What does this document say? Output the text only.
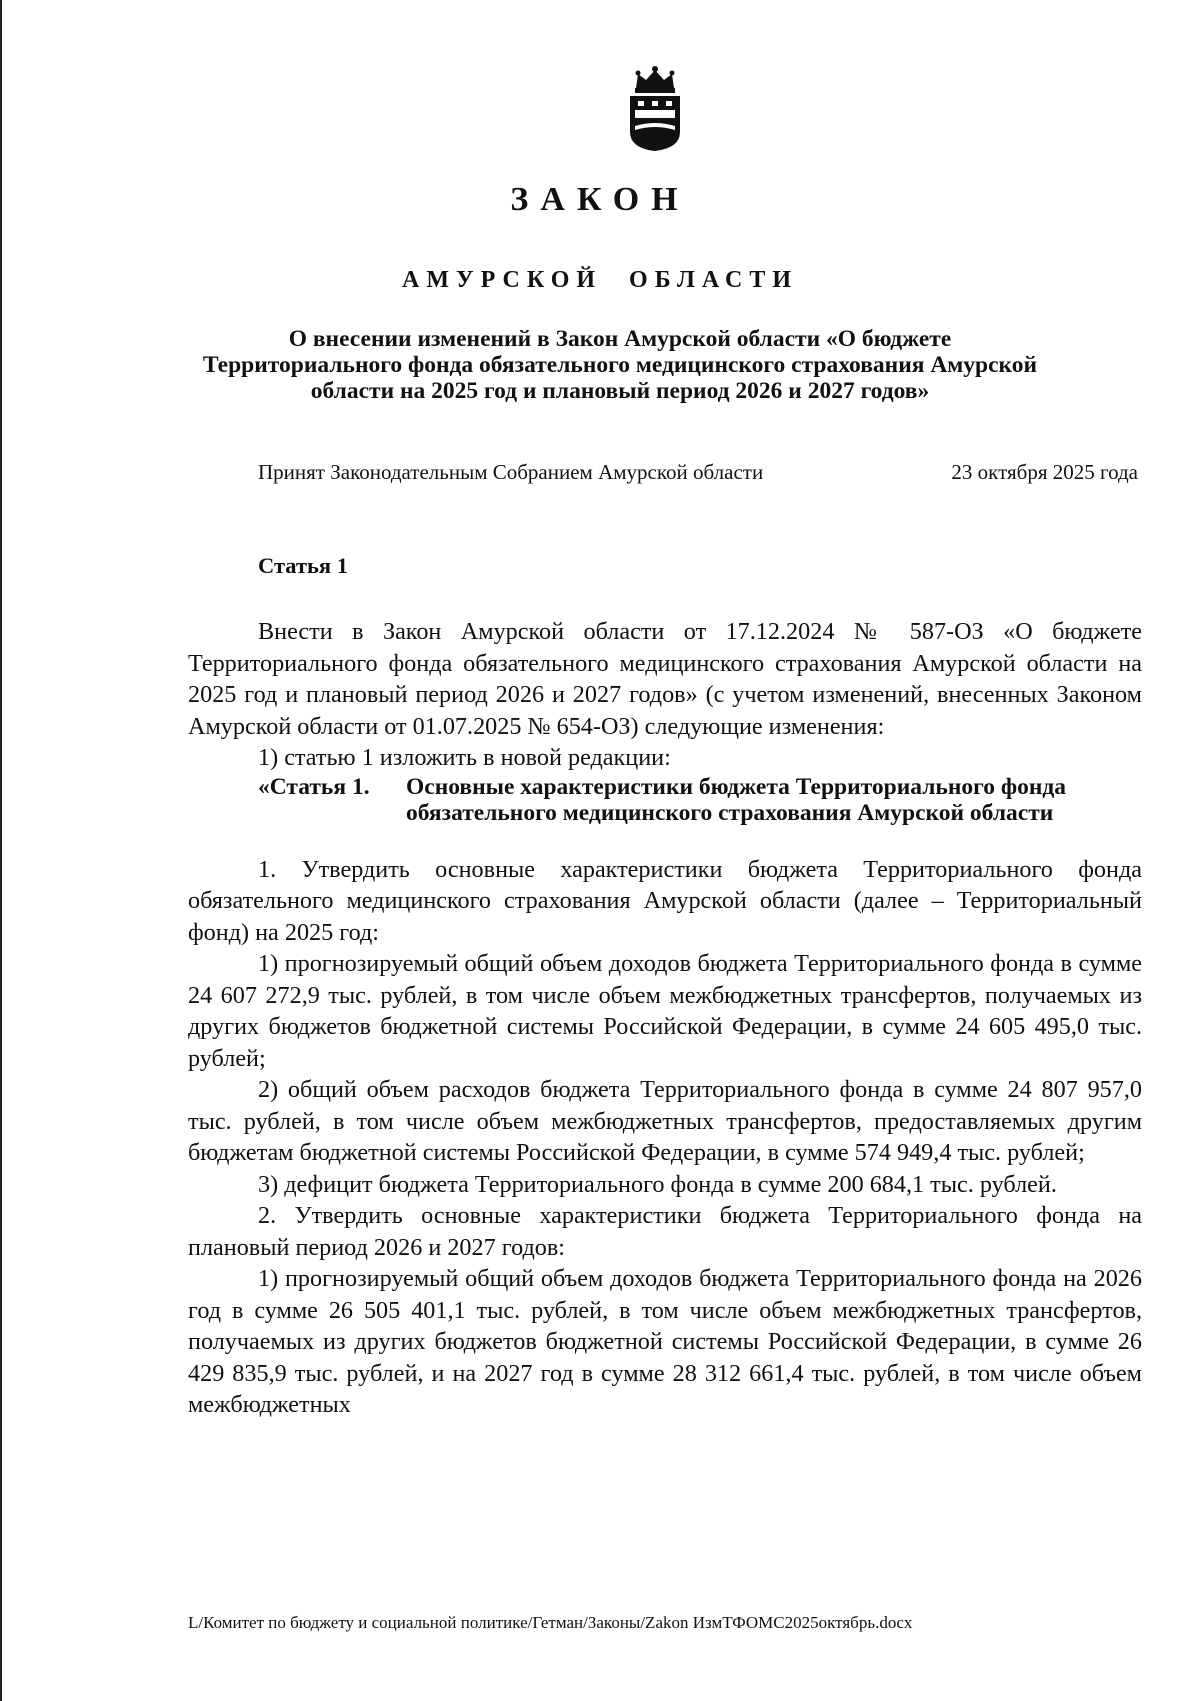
ЗАКОН
АМУРСКОЙ ОБЛАСТИ
О внесении изменений в Закон Амурской области «О бюджете Территориального фонда обязательного медицинского страхования Амурской области на 2025 год и плановый период 2026 и 2027 годов»
Принят Законодательным Собранием Амурской области	23 октября 2025 года
Статья 1

Внести в Закон Амурской области от 17.12.2024 № 587-ОЗ «О бюджете Территориального фонда обязательного медицинского страхования Амурской области на 2025 год и плановый период 2026 и 2027 годов» (с учетом изменений, внесенных Законом Амурской области от 01.07.2025 № 654-ОЗ) следующие изменения:

1) статью 1 изложить в новой редакции:

«Статья 1.	Основные характеристики бюджета Территориального фонда обязательного медицинского страхования Амурской области

1. Утвердить основные характеристики бюджета Территориального фонда обязательного медицинского страхования Амурской области (далее – Территориальный фонд) на 2025 год:

1) прогнозируемый общий объем доходов бюджета Территориального фонда в сумме 24 607 272,9 тыс. рублей, в том числе объем межбюджетных трансфертов, получаемых из других бюджетов бюджетной системы Российской Федерации, в сумме 24 605 495,0 тыс. рублей;

2) общий объем расходов бюджета Территориального фонда в сумме 24 807 957,0 тыс. рублей, в том числе объем межбюджетных трансфертов, предоставляемых другим бюджетам бюджетной системы Российской Федерации, в сумме 574 949,4 тыс. рублей;

3) дефицит бюджета Территориального фонда в сумме 200 684,1 тыс. рублей.

2. Утвердить основные характеристики бюджета Территориального фонда на плановый период 2026 и 2027 годов:

1) прогнозируемый общий объем доходов бюджета Территориального фонда на 2026 год в сумме 26 505 401,1 тыс. рублей, в том числе объем межбюджетных трансфертов, получаемых из других бюджетов бюджетной системы Российской Федерации, в сумме 26 429 835,9 тыс. рублей, и на 2027 год в сумме 28 312 661,4 тыс. рублей, в том числе объем межбюджетных

L/Комитет по бюджету и социальной политике/Гетман/Законы/Zakon ИзмТФОМС2025октябрь.docx
